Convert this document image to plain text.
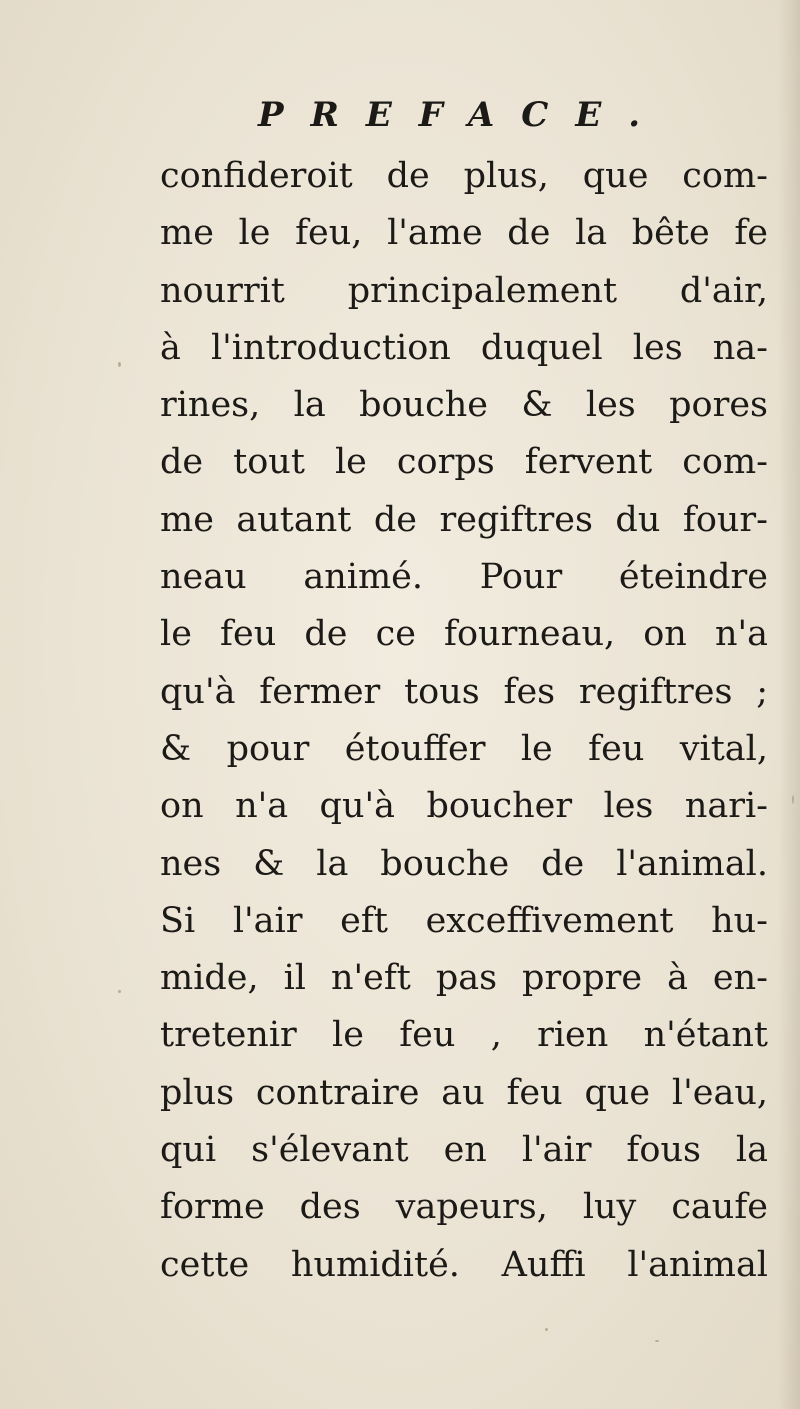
PREFACE.
confideroit de plus, que com-
me le feu, l'ame de la bête fe
nourrit principalement d'air,
à l'introduction duquel les na-
rines, la bouche & les pores
de tout le corps fervent com-
me autant de regiftres du four-
neau animé. Pour éteindre
le feu de ce fourneau, on n'a
qu'à fermer tous fes regiftres ;
& pour étouffer le feu vital,
on n'a qu'à boucher les nari-
nes & la bouche de l'animal.
Si l'air eft exceffivement hu-
mide, il n'eft pas propre à en-
tretenir le feu , rien n'étant
plus contraire au feu que l'eau,
qui s'élevant en l'air fous la
forme des vapeurs, luy caufe
cette humidité. Auffi l'animal
